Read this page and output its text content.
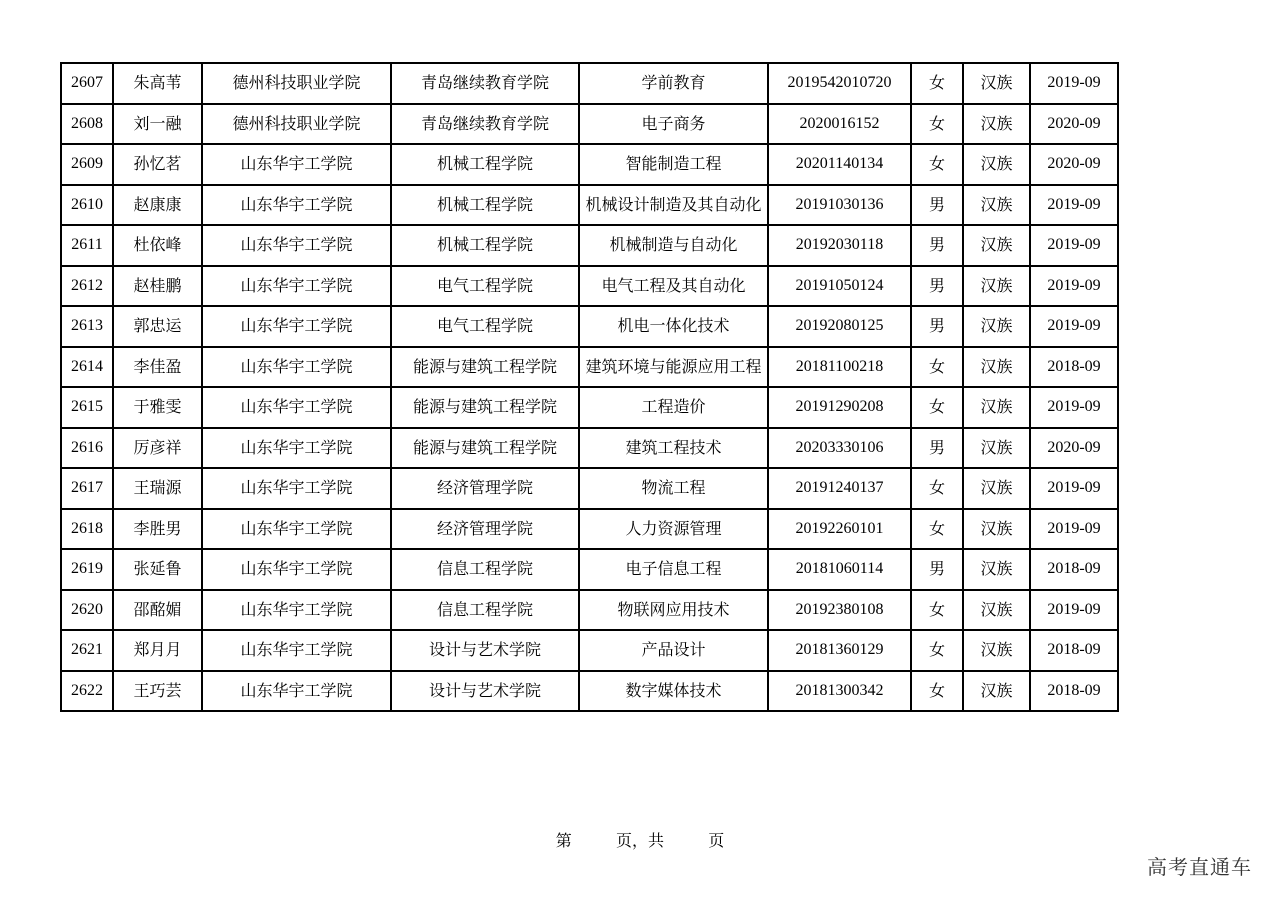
2607	朱高苇	德州科技职业学院	青岛继续教育学院	学前教育	2019542010720	女	汉族	2019-09
2608	刘一融	德州科技职业学院	青岛继续教育学院	电子商务	2020016152	女	汉族	2020-09
2609	孙忆茗	山东华宇工学院	机械工程学院	智能制造工程	20201140134	女	汉族	2020-09
2610	赵康康	山东华宇工学院	机械工程学院	机械设计制造及其自动化	20191030136	男	汉族	2019-09
2611	杜依峰	山东华宇工学院	机械工程学院	机械制造与自动化	20192030118	男	汉族	2019-09
2612	赵桂鹏	山东华宇工学院	电气工程学院	电气工程及其自动化	20191050124	男	汉族	2019-09
2613	郭忠运	山东华宇工学院	电气工程学院	机电一体化技术	20192080125	男	汉族	2019-09
2614	李佳盈	山东华宇工学院	能源与建筑工程学院	建筑环境与能源应用工程	20181100218	女	汉族	2018-09
2615	于雅雯	山东华宇工学院	能源与建筑工程学院	工程造价	20191290208	女	汉族	2019-09
2616	厉彦祥	山东华宇工学院	能源与建筑工程学院	建筑工程技术	20203330106	男	汉族	2020-09
2617	王瑞源	山东华宇工学院	经济管理学院	物流工程	20191240137	女	汉族	2019-09
2618	李胜男	山东华宇工学院	经济管理学院	人力资源管理	20192260101	女	汉族	2019-09
2619	张延鲁	山东华宇工学院	信息工程学院	电子信息工程	20181060114	男	汉族	2018-09
2620	邵酩媚	山东华宇工学院	信息工程学院	物联网应用技术	20192380108	女	汉族	2019-09
2621	郑月月	山东华宇工学院	设计与艺术学院	产品设计	20181360129	女	汉族	2018-09
2622	王巧芸	山东华宇工学院	设计与艺术学院	数字媒体技术	20181300342	女	汉族	2018-09
第	页，共	页
高考直通车
